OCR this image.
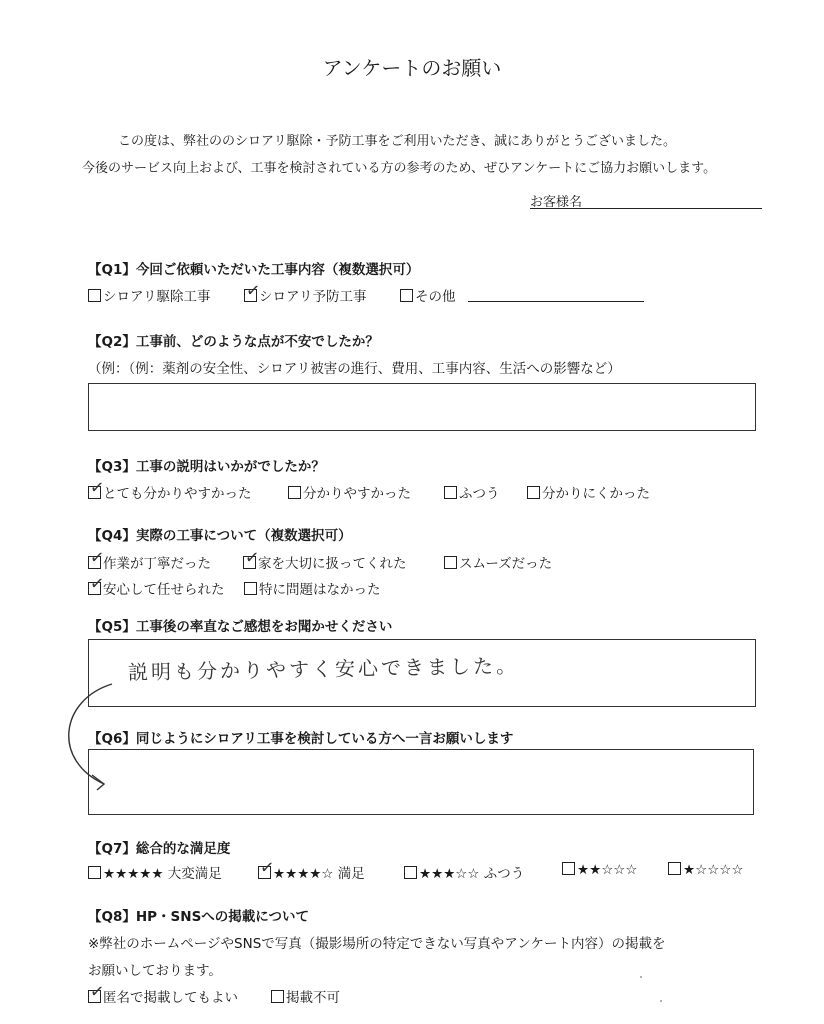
アンケートのお願い
この度は、弊社ののシロアリ駆除・予防工事をご利用いただき、誠にありがとうございました。
今後のサービス向上および、工事を検討されている方の参考のため、ぜひアンケートにご協力お願いします。
お客様名
【Q1】今回ご依頼いただいた工事内容（複数選択可）
シロアリ駆除工事 ✓
シロアリ予防工事	その他
【Q2】工事前、どのような点が不安でしたか？
（例：（例：薬剤の安全性、シロアリ被害の進行、費用、工事内容、生活への影響など）
【Q3】工事の説明はいかがでしたか？
✓
とても分かりやすかった	分かりやすかった	ふつう	分かりにくかった
【Q4】実際の工事について（複数選択可）
✓
作業が丁寧だった ✓
家を大切に扱ってくれた	スムーズだった
✓
安心して任せられた	特に問題はなかった
【Q5】工事後の率直なご感想をお聞かせください
説明も分かりやすく安心できました。
【Q6】同じようにシロアリ工事を検討している方へ一言お願いします
【Q7】総合的な満足度
★★★★★ 大変満足 ✓
★★★★☆ 満足	★★★☆☆ ふつう	★★☆☆☆	★☆☆☆☆
【Q8】HP・SNSへの掲載について
※弊社のホームページやSNSで写真（撮影場所の特定できない写真やアンケート内容）の掲載を
お願いしております。
✓
匿名で掲載してもよい	掲載不可
